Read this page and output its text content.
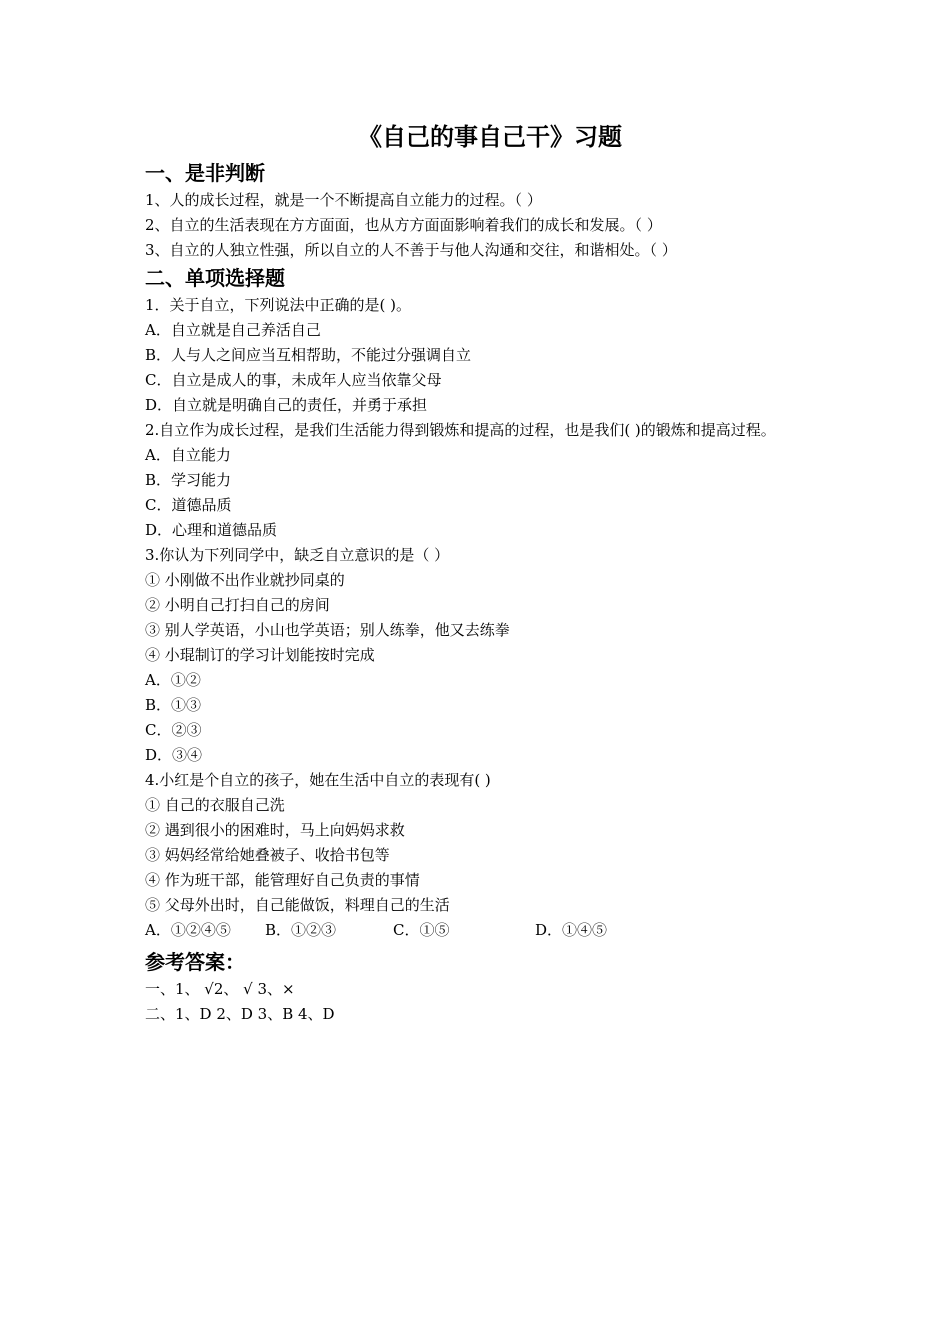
《自己的事自己干》习题
一、是非判断
1、人的成长过程，就是一个不断提高自立能力的过程。（ ）
2、自立的生活表现在方方面面，也从方方面面影响着我们的成长和发展。（ ）
3、自立的人独立性强，所以自立的人不善于与他人沟通和交往，和谐相处。（ ）
二、单项选择题
1．关于自立，下列说法中正确的是( )。
A．自立就是自己养活自己
B．人与人之间应当互相帮助，不能过分强调自立
C．自立是成人的事，未成年人应当依靠父母
D．自立就是明确自己的责任，并勇于承担
2.自立作为成长过程，是我们生活能力得到锻炼和提高的过程，也是我们( )的锻炼和提高过程。
A．自立能力
B．学习能力
C．道德品质
D．心理和道德品质
3.你认为下列同学中，缺乏自立意识的是（ ）
① 小刚做不出作业就抄同桌的
② 小明自己打扫自己的房间
③ 别人学英语，小山也学英语；别人练拳，他又去练拳
④ 小琨制订的学习计划能按时完成
A．①②
B．①③
C．②③
D．③④
4.小红是个自立的孩子，她在生活中自立的表现有( )
① 自己的衣服自己洗
② 遇到很小的困难时，马上向妈妈求救
③ 妈妈经常给她叠被子、收拾书包等
④ 作为班干部，能管理好自己负责的事情
⑤ 父母外出时，自己能做饭，料理自己的生活
A．①②④⑤ B．①②③	C．①⑤	D．①④⑤
参考答案：
一、1、 √2、 √ 3、×
二、1、D 2、D 3、B 4、D
